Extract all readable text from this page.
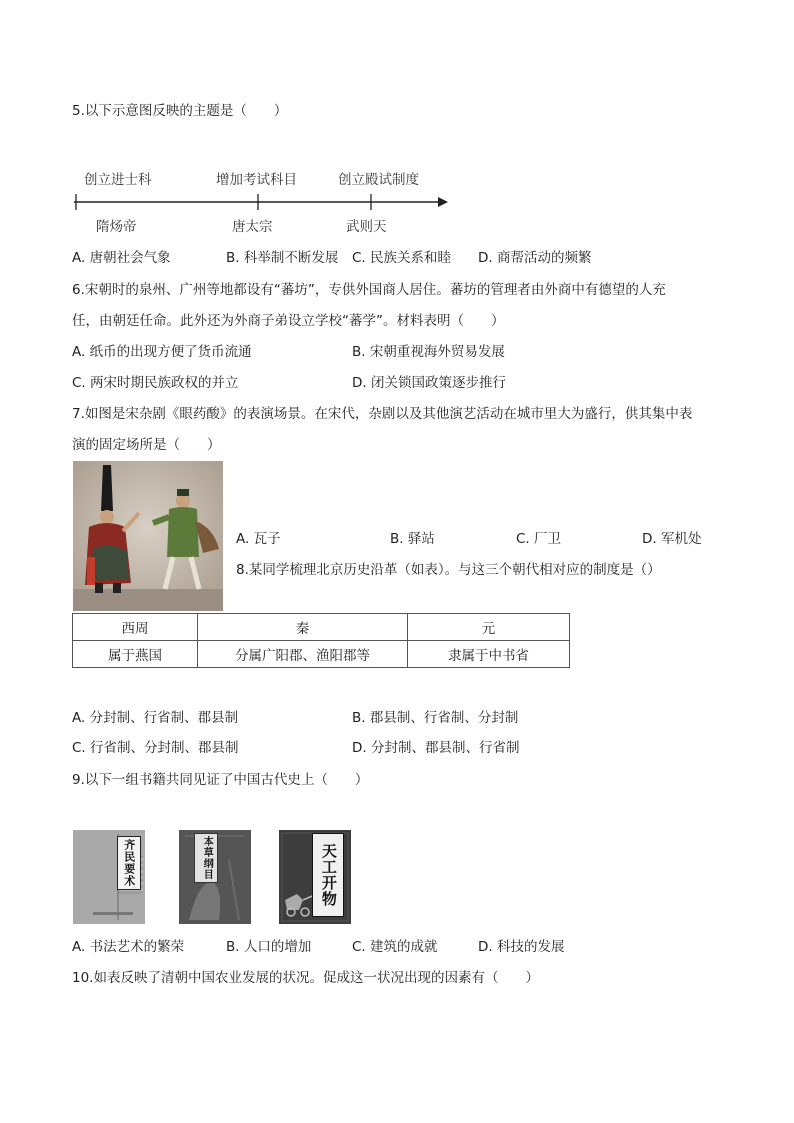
5.以下示意图反映的主题是（　　）
创立进士科	增加考试科目	创立殿试制度
隋炀帝	唐太宗	武则天
A. 唐朝社会气象	B. 科举制不断发展 C. 民族关系和睦 D. 商帮活动的频繁
6.宋朝时的泉州、广州等地都设有“蕃坊”，专供外国商人居住。蕃坊的管理者由外商中有德望的人充
任，由朝廷任命。此外还为外商子弟设立学校“蕃学”。材料表明（　　）
A. 纸币的出现方便了货币流通	B. 宋朝重视海外贸易发展
C. 两宋时期民族政权的并立	D. 闭关锁国政策逐步推行
7.如图是宋杂剧《眼药酸》的表演场景。在宋代，杂剧以及其他演艺活动在城市里大为盛行，供其集中表
演的固定场所是（　　）
A. 瓦子	B. 驿站	C. 厂卫	D. 军机处
8.某同学梳理北京历史沿革（如表）。与这三个朝代相对应的制度是（）
西周	秦	元
属于燕国	分属广阳郡、渔阳郡等	隶属于中书省
A. 分封制、行省制、郡县制	B. 郡县制、行省制、分封制
C. 行省制、分封制、郡县制	D. 分封制、郡县制、行省制
9.以下一组书籍共同见证了中国古代史上（　　）
齐民要术	本草纲目	天工开物
A. 书法艺术的繁荣	B. 人口的增加	C. 建筑的成就	D. 科技的发展
10.如表反映了清朝中国农业发展的状况。促成这一状况出现的因素有（　　）
